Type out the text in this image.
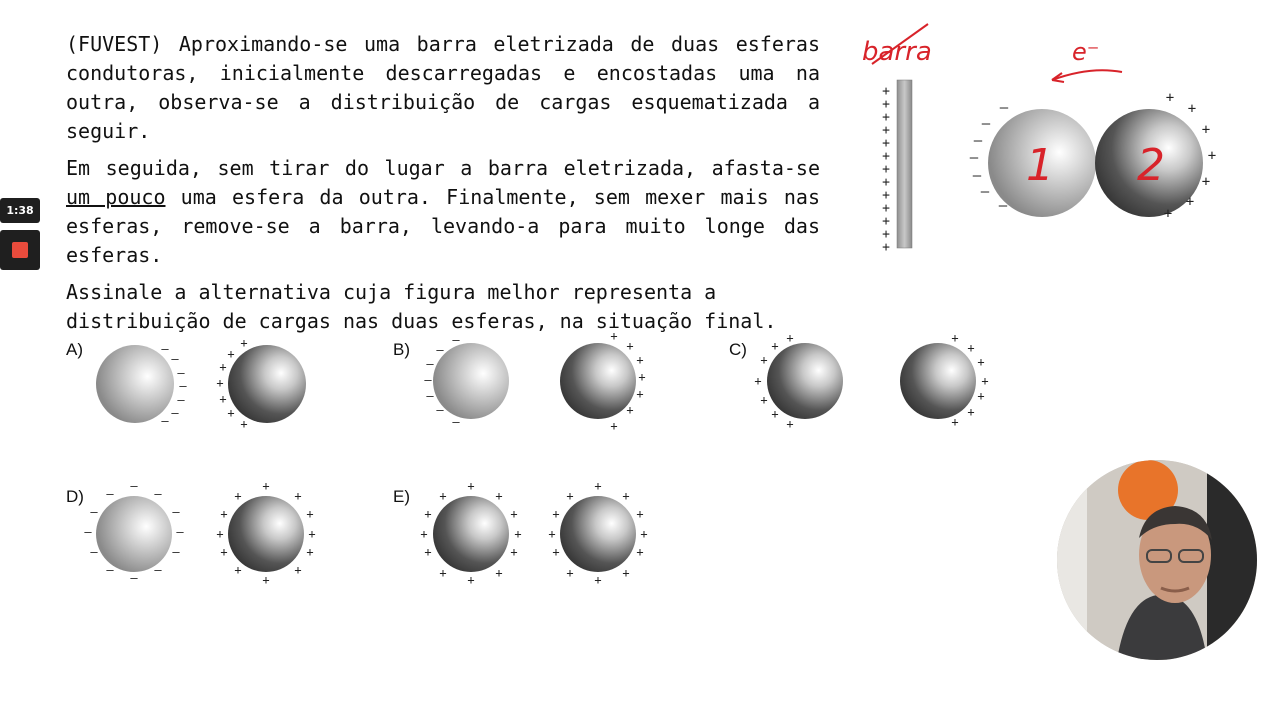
1:38

(FUVEST) Aproximando-se uma barra eletrizada de duas esferas condutoras, inicialmente descarregadas e encostadas uma na outra, observa-se a distribuição de cargas esquematizada a seguir.

Em seguida, sem tirar do lugar a barra eletrizada, afasta-se um pouco uma esfera da outra. Finalmente, sem mexer mais nas esferas, remove-se a barra, levando-a para muito longe das esferas.

Assinale a alternativa cuja figura melhor representa a distribuição de cargas nas duas esferas, na situação final.

barra
+
+
+
+
+
+
+
+
+
+
+
+
+
e⁻
1 2
–
–
–
–
–
–
–
+
+
+
+
+
+
+
A)	B)	C)
D)	E)
–
–
–
–
–
–
–
+
+
+
+
+
+
+
–
–
–
–
–
–
–
+
+
+
+
+
+
+
+
+
+
+
+
+
+
+
+
+
+
+
+
+
–
–	–
–	–
–	–
–	–
–	–
–
+
+	+
+	+
+	+
+	+
+	+
+
+
+	+
+	+
+	+
+	+
+	+
+
+
+	+
+	+
+	+
+	+
+	+
+
